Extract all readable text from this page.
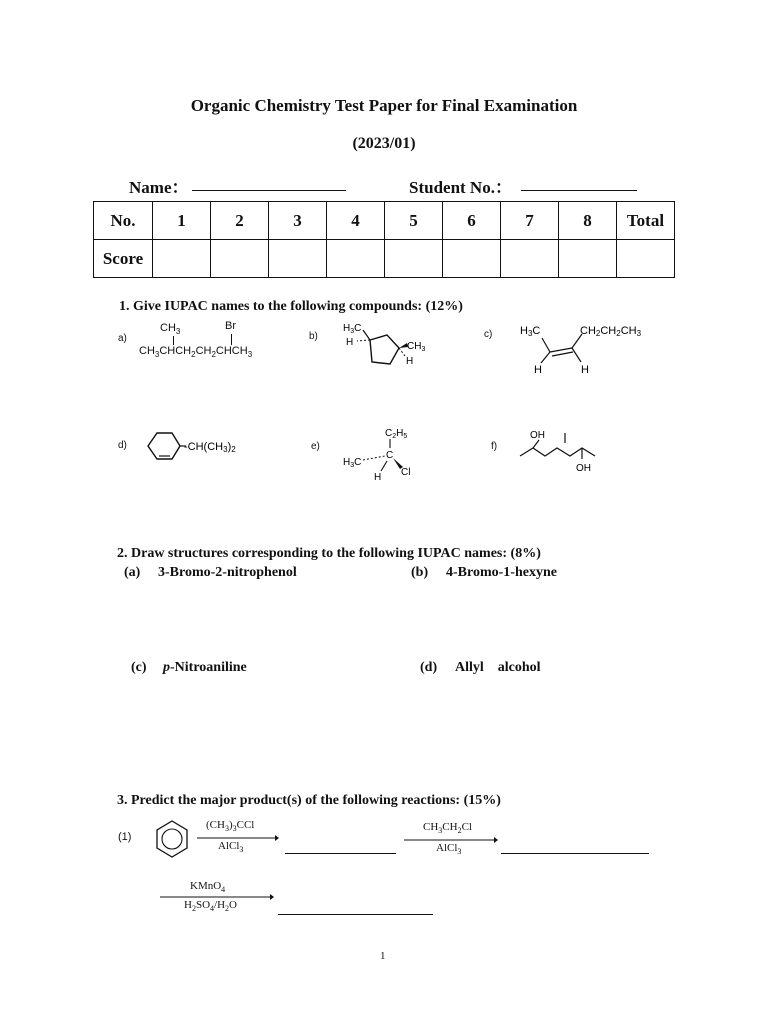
Organic Chemistry Test Paper for Final Examination
(2023/01)
Name：	Student No.：
No.	1	2	3	4	5	6	7	8	Total
Score									
1. Give IUPAC names to the following compounds: (12%)
a)	b)	c)
d)	e)	f)
$CH_3$	Br
$CH_3CHCH_2CH_2CHCH_3$
$H_3C$
H	$CH_3$
H
H3C	CH2CH2CH3
H	H
-CH(CH3)2
$C_2H_5$
C
$H_3C$
H Cl
OH
OH
2. Draw structures corresponding to the following IUPAC names: (8%)
(a) 3-Bromo-2-nitrophenol	(b) 4-Bromo-1-hexyne
(c) p-Nitroaniline	(d) Allyl    alcohol
3. Predict the major product(s) of the following reactions: (15%)
(1)
$(CH_3)_3CCl$
AlCl$_3$
$CH_3CH_2Cl$
AlCl$_3$
KMnO$_4$
$H_2SO_4/H_2O$
1
